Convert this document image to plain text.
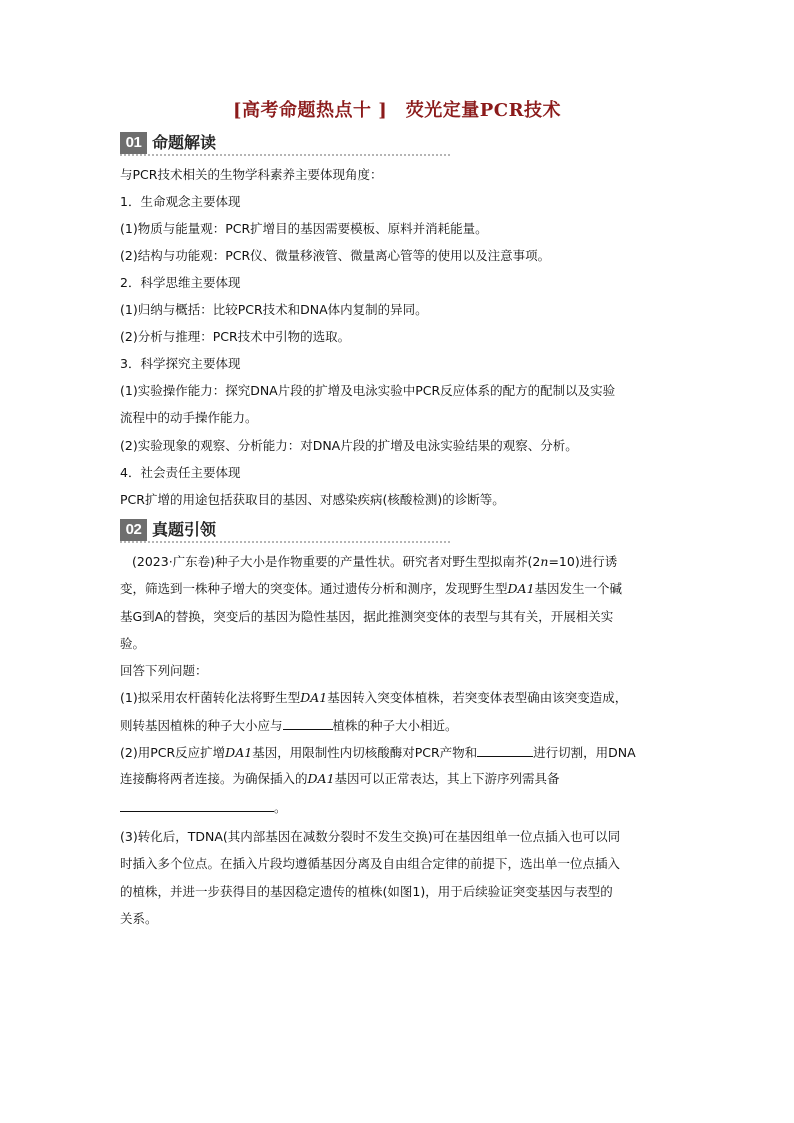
[高考命题热点十 ]　荧光定量PCR技术
01 命题解读

与PCR技术相关的生物学科素养主要体现角度：

1．生命观念主要体现

(1)物质与能量观：PCR扩增目的基因需要模板、原料并消耗能量。

(2)结构与功能观：PCR仪、微量移液管、微量离心管等的使用以及注意事项。

2．科学思维主要体现

(1)归纳与概括：比较PCR技术和DNA体内复制的异同。

(2)分析与推理：PCR技术中引物的选取。

3．科学探究主要体现

(1)实验操作能力：探究DNA片段的扩增及电泳实验中PCR反应体系的配方的配制以及实验

流程中的动手操作能力。

(2)实验现象的观察、分析能力：对DNA片段的扩增及电泳实验结果的观察、分析。

4．社会责任主要体现

PCR扩增的用途包括获取目的基因、对感染疾病(核酸检测)的诊断等。

02 真题引领

(2023·广东卷)种子大小是作物重要的产量性状。研究者对野生型拟南芥(2n=10)进行诱

变，筛选到一株种子增大的突变体。通过遗传分析和测序，发现野生型DA1基因发生一个碱

基G到A的替换，突变后的基因为隐性基因，据此推测突变体的表型与其有关，开展相关实

验。

回答下列问题：

(1)拟采用农杆菌转化法将野生型DA1基因转入突变体植株，若突变体表型确由该突变造成，

则转基因植株的种子大小应与	植株的种子大小相近。

(2)用PCR反应扩增DA1基因，用限制性内切核酸酶对PCR产物和	进行切割，用DNA

连接酶将两者连接。为确保插入的DA1基因可以正常表达，其上下游序列需具备

。

(3)转化后，TDNA(其内部基因在减数分裂时不发生交换)可在基因组单一位点插入也可以同

时插入多个位点。在插入片段均遵循基因分离及自由组合定律的前提下，选出单一位点插入

的植株，并进一步获得目的基因稳定遗传的植株(如图1)，用于后续验证突变基因与表型的

关系。
